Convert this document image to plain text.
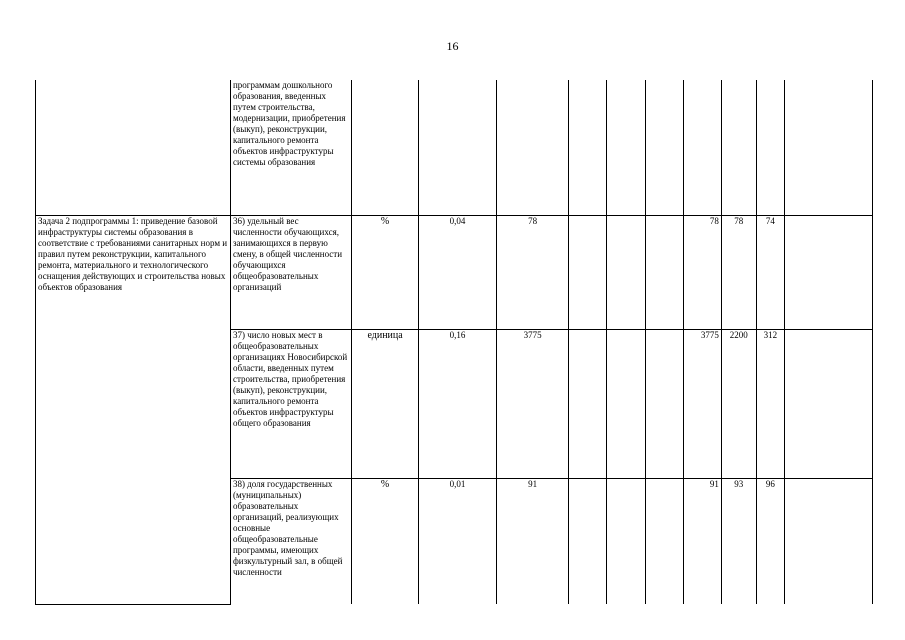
16
	программам дошкольного образования, введенных путем строительства, модернизации, приобретения (выкуп), реконструкции, капитального ремонта объектов инфраструктуры системы образования										
Задача 2 подпрограммы 1: приведение базовой инфраструктуры системы образования в соответствие с требованиями санитарных норм и правил путем реконструкции, капитального ремонта, материального и технологического оснащения действующих и строительства новых объектов образования	36) удельный вес численности обучающихся, занимающихся в первую смену, в общей численности обучающихся общеобразовательных организаций	%	0,04	78				78	78	74	
	37) число новых мест в общеобразовательных организациях Новосибирской области, введенных путем строительства, приобретения (выкуп), реконструкции, капитального ремонта объектов инфраструктуры общего образования	единица	0,16	3775				3775	2200	312	
	38) доля государственных (муниципальных) образовательных организаций, реализующих основные общеобразовательные программы, имеющих физкультурный зал, в общей численности	%	0,01	91				91	93	96	
